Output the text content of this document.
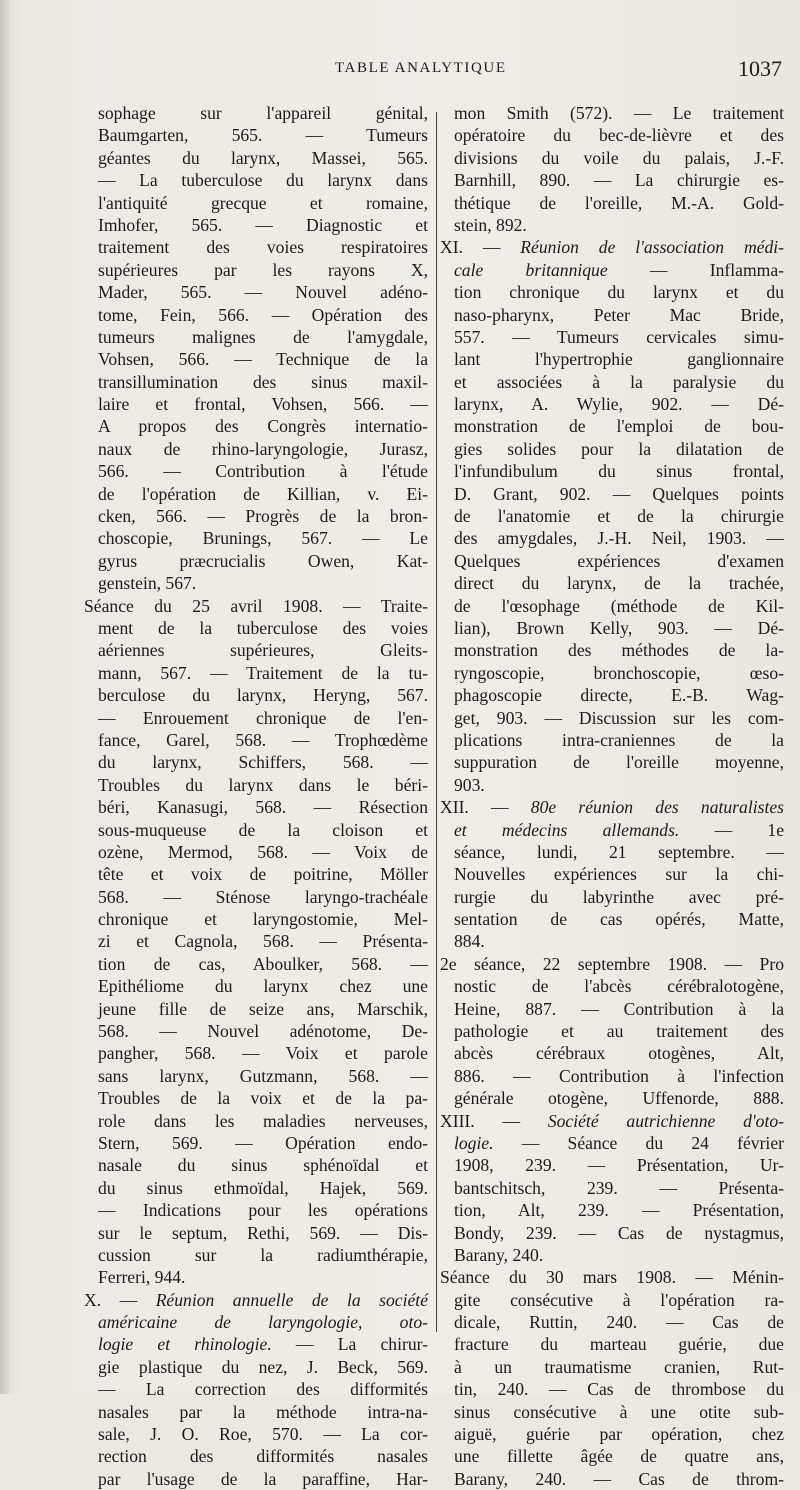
TABLE ANALYTIQUE	1037
sophage sur l'appareil génital,
Baumgarten, 565. — Tumeurs
géantes du larynx, Massei, 565.
— La tuberculose du larynx dans
l'antiquité grecque et romaine,
Imhofer, 565. — Diagnostic et
traitement des voies respiratoires
supérieures par les rayons X,
Mader, 565. — Nouvel adéno-
tome, Fein, 566. — Opération des
tumeurs malignes de l'amygdale,
Vohsen, 566. — Technique de la
transillumination des sinus maxil-
laire et frontal, Vohsen, 566. —
A propos des Congrès internatio-
naux de rhino-laryngologie, Jurasz,
566. — Contribution à l'étude
de l'opération de Killian, v. Ei-
cken, 566. — Progrès de la bron-
choscopie, Brunings, 567. — Le
gyrus præcrucialis Owen, Kat-
genstein, 567.
Séance du 25 avril 1908. — Traite-
ment de la tuberculose des voies
aériennes supérieures, Gleits-
mann, 567. — Traitement de la tu-
berculose du larynx, Heryng, 567.
— Enrouement chronique de l'en-
fance, Garel, 568. — Trophœdème
du larynx, Schiffers, 568. —
Troubles du larynx dans le béri-
béri, Kanasugi, 568. — Résection
sous-muqueuse de la cloison et
ozène, Mermod, 568. — Voix de
tête et voix de poitrine, Möller
568. — Sténose laryngo-trachéale
chronique et laryngostomie, Mel-
zi et Cagnola, 568. — Présenta-
tion de cas, Aboulker, 568. —
Epithéliome du larynx chez une
jeune fille de seize ans, Marschik,
568. — Nouvel adénotome, De-
pangher, 568. — Voix et parole
sans larynx, Gutzmann, 568. —
Troubles de la voix et de la pa-
role dans les maladies nerveuses,
Stern, 569. — Opération endo-
nasale du sinus sphénoïdal et
du sinus ethmoïdal, Hajek, 569.
— Indications pour les opérations
sur le septum, Rethi, 569. — Dis-
cussion sur la radiumthérapie,
Ferreri, 944.
X. — Réunion annuelle de la société
américaine de laryngologie, oto-
logie et rhinologie. — La chirur-
gie plastique du nez, J. Beck, 569.
— La correction des difformités
nasales par la méthode intra-na-
sale, J. O. Roe, 570. — La cor-
rection des difformités nasales
par l'usage de la paraffine, Har-
mon Smith (572). — Le traitement
opératoire du bec-de-lièvre et des
divisions du voile du palais, J.-F.
Barnhill, 890. — La chirurgie es-
thétique de l'oreille, M.-A. Gold-
stein, 892.
XI. — Réunion de l'association médi-
cale britannique — Inflamma-
tion chronique du larynx et du
naso-pharynx, Peter Mac Bride,
557. — Tumeurs cervicales simu-
lant l'hypertrophie ganglionnaire
et associées à la paralysie du
larynx, A. Wylie, 902. — Dé-
monstration de l'emploi de bou-
gies solides pour la dilatation de
l'infundibulum du sinus frontal,
D. Grant, 902. — Quelques points
de l'anatomie et de la chirurgie
des amygdales, J.-H. Neil, 1903. —
Quelques expériences d'examen
direct du larynx, de la trachée,
de l'œsophage (méthode de Kil-
lian), Brown Kelly, 903. — Dé-
monstration des méthodes de la-
ryngoscopie, bronchoscopie, œso-
phagoscopie directe, E.-B. Wag-
get, 903. — Discussion sur les com-
plications intra-craniennes de la
suppuration de l'oreille moyenne,
903.
XII. — 80e réunion des naturalistes
et médecins allemands. — 1e
séance, lundi, 21 septembre. —
Nouvelles expériences sur la chi-
rurgie du labyrinthe avec pré-
sentation de cas opérés, Matte,
884.
2e séance, 22 septembre 1908. — Pro
nostic de l'abcès cérébralotogène,
Heine, 887. — Contribution à la
pathologie et au traitement des
abcès cérébraux otogènes, Alt,
886. — Contribution à l'infection
générale otogène, Uffenorde, 888.
XIII. — Société autrichienne d'oto-
logie. — Séance du 24 février
1908, 239. — Présentation, Ur-
bantschitsch, 239. — Présenta-
tion, Alt, 239. — Présentation,
Bondy, 239. — Cas de nystagmus,
Barany, 240.
Séance du 30 mars 1908. — Ménin-
gite consécutive à l'opération ra-
dicale, Ruttin, 240. — Cas de
fracture du marteau guérie, due
à un traumatisme cranien, Rut-
tin, 240. — Cas de thrombose du
sinus consécutive à une otite sub-
aiguë, guérie par opération, chez
une fillette âgée de quatre ans,
Barany, 240. — Cas de throm-
